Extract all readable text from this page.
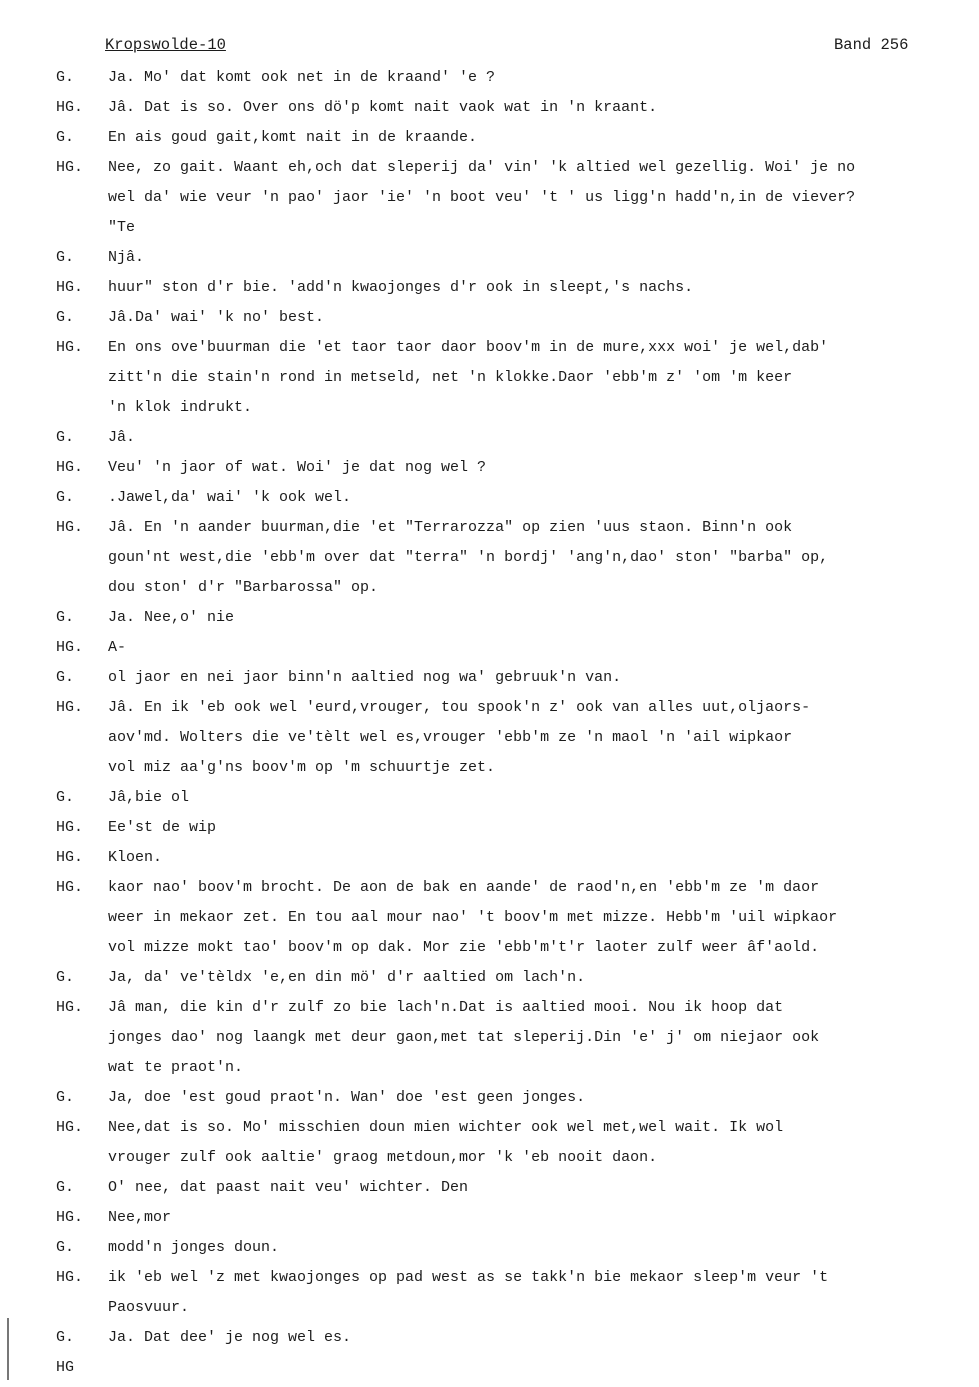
Kropswolde-10	Band 256
G.	Ja. Mo' dat komt ook net in de kraand' 'e ?
HG.	Jâ. Dat is so. Over ons dö'p komt nait vaok wat in 'n kraant.
G.	En ais goud gait,komt nait in de kraande.
HG.	Nee, zo gait. Waant eh,och dat sleperij da' vin' 'k altied wel gezellig. Woi' je no
wel da' wie veur 'n pao' jaor 'ie' 'n boot veu' 't ' us ligg'n hadd'n,in de viever?
"Te
G.	Njâ.
HG.	huur" ston d'r bie. 'add'n kwaojonges d'r ook in sleept,'s nachs.
G.	Jâ.Da' wai' 'k no' best.
HG.	En ons ove'buurman die 'et taor taor daor boov'm in de mure,xxx woi' je wel,dab'
zitt'n die stain'n rond in metseld, net 'n klokke.Daor 'ebb'm z' 'om 'm keer
'n klok indrukt.
G.	Jâ.
HG.	Veu' 'n jaor of wat. Woi' je dat nog wel ?
G.	.Jawel,da' wai' 'k ook wel.
HG.	Jâ. En 'n aander buurman,die 'et "Terrarozza" op zien 'uus staon. Binn'n ook
goun'nt west,die 'ebb'm over dat "terra" 'n bordj' 'ang'n,dao' ston' "barba" op,
dou ston' d'r "Barbarossa" op.
G.	Ja. Nee,o' nie
HG.	A-
G.	ol jaor en nei jaor binn'n aaltied nog wa' gebruuk'n van.
HG.	Jâ. En ik 'eb ook wel 'eurd,vrouger, tou spook'n z' ook van alles uut,oljaors-
aov'md. Wolters die ve'tèlt wel es,vrouger 'ebb'm ze 'n maol 'n 'ail wipkaor
vol miz aa'g'ns boov'm op 'm schuurtje zet.
G.	Jâ,bie ol
HG.	Ee'st de wip
HG.	Kloen.
HG.	kaor nao' boov'm brocht. De aon de bak en aande' de raod'n,en 'ebb'm ze 'm daor
weer in mekaor zet. En tou aal mour nao' 't boov'm met mizze. Hebb'm 'uil wipkaor
vol mizze mokt tao' boov'm op dak. Mor zie 'ebb'm't'r laoter zulf weer âf'aold.
G.	Ja, da' ve'tèldx 'e,en din mö' d'r aaltied om lach'n.
HG.	Jâ man, die kin d'r zulf zo bie lach'n.Dat is aaltied mooi. Nou ik hoop dat
jonges dao' nog laangk met deur gaon,met tat sleperij.Din 'e' j' om niejaor ook
wat te praot'n.
G.	Ja, doe 'est goud praot'n. Wan' doe 'est geen jonges.
HG.	Nee,dat is so. Mo' misschien doun mien wichter ook wel met,wel wait. Ik wol
vrouger zulf ook aaltie' graog metdoun,mor 'k 'eb nooit daon.
G.	O' nee, dat paast nait veu' wichter. Den
HG.	Nee,mor
G.	modd'n jonges doun.
HG.	ik 'eb wel 'z met kwaojonges op pad west as se takk'n bie mekaor sleep'm veur 't
Paosvuur.
G.	Ja. Dat dee' je nog wel es.
HG
